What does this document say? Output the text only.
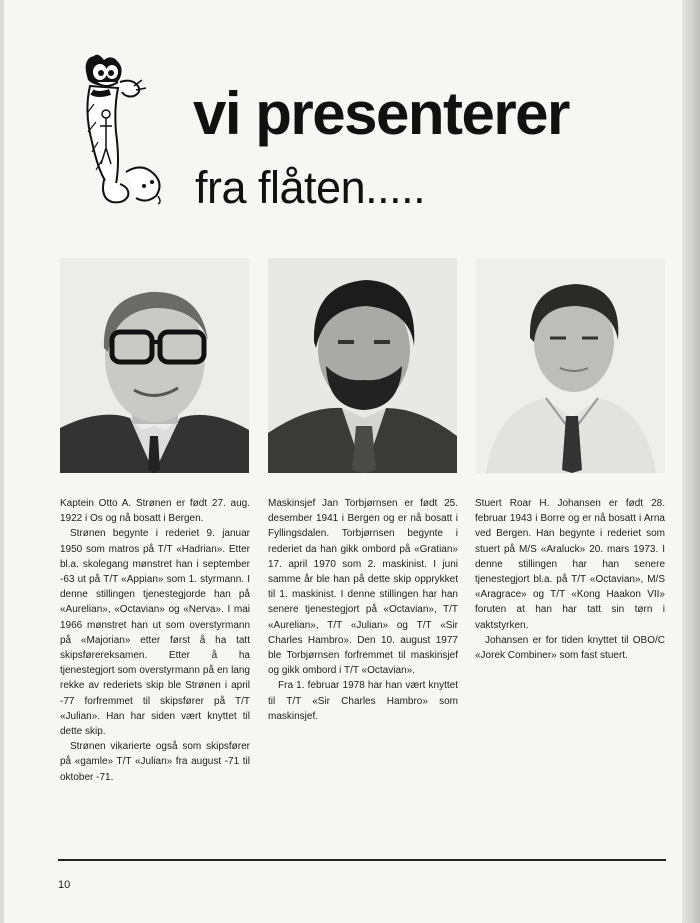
vi presenterer
fra flåten.....

Kaptein Otto A. Strønen er født 27. aug. 1922 i Os og nå bosatt i Bergen.

Strønen begynte i rederiet 9. januar 1950 som matros på T/T «Hadrian». Etter bl.a. skolegang mønstret han i september -63 ut på T/T «Appian» som 1. styrmann. I denne stillingen tjenestegjorde han på «Aurelian», «Octavian» og «Nerva». I mai 1966 mønstret han ut som overstyrmann på «Majorian» etter først å ha tatt skipsførereksamen. Etter å ha tjenestegjort som overstyrmann på en lang rekke av rederiets skip ble Strønen i april -77 forfremmet til skipsfører på T/T «Julian». Han har siden vært knyttet til dette skip.

Strønen vikarierte også som skipsfører på «gamle» T/T «Julian» fra august -71 til oktober -71.

Maskinsjef Jan Torbjørnsen er født 25. desember 1941 i Bergen og er nå bosatt i Fyllingsdalen. Torbjørnsen begynte i rederiet da han gikk ombord på «Gratian» 17. april 1970 som 2. maskinist. I juni samme år ble han på dette skip opprykket til 1. maskinist. I denne stillingen har han senere tjenestegjort på «Octavian», T/T «Aurelian», T/T «Julian» og T/T «Sir Charles Hambro». Den 10. august 1977 ble Torbjørnsen forfremmet til maskinsjef og gikk ombord i T/T «Octavian».

Fra 1. februar 1978 har han vært knyttet til T/T «Sir Charles Hambro» som maskinsjef.

Stuert Roar H. Johansen er født 28. februar 1943 i Borre og er nå bosatt i Arna ved Bergen. Han begynte i rederiet som stuert på M/S «Araluck» 20. mars 1973. I denne stillingen har han senere tjenestegjort bl.a. på T/T «Octavian», M/S «Aragrace» og T/T «Kong Haakon VII» foruten at han har tatt sin tørn i vaktstyrken.

Johansen er for tiden knyttet til OBO/C «Jorek Combiner» som fast stuert.

10
